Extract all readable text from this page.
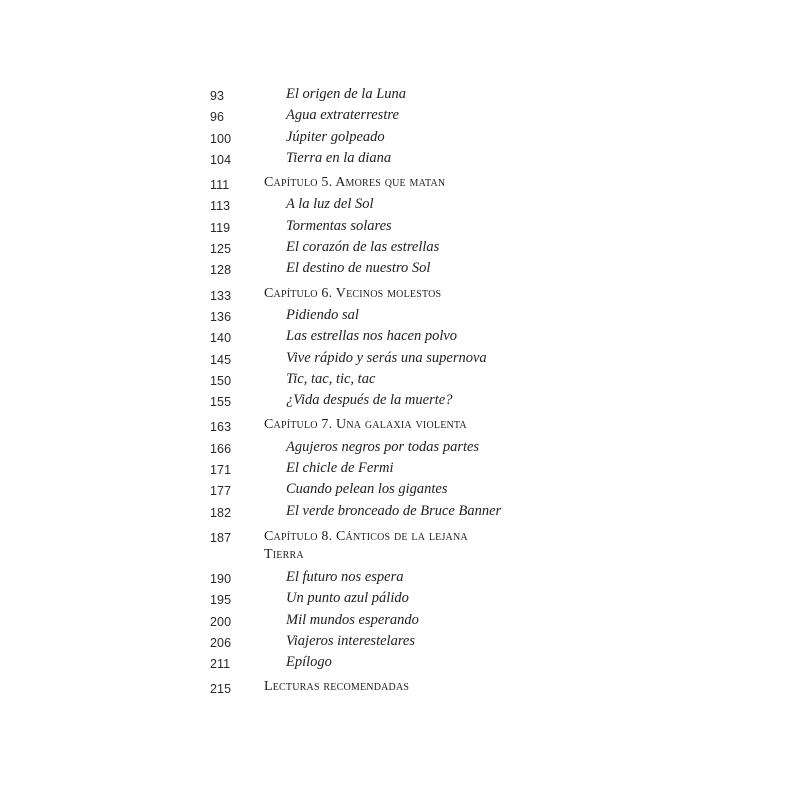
93	El origen de la Luna
96	Agua extraterrestre
100	Júpiter golpeado
104	Tierra en la diana
111 Capítulo 5. Amores que matan
113	A la luz del Sol
119	Tormentas solares
125	El corazón de las estrellas
128	El destino de nuestro Sol
133 Capítulo 6. Vecinos molestos
136	Pidiendo sal
140	Las estrellas nos hacen polvo
145	Vive rápido y serás una supernova
150	Tic, tac, tic, tac
155	¿Vida después de la muerte?
163 Capítulo 7. Una galaxia violenta
166	Agujeros negros por todas partes
171	El chicle de Fermi
177	Cuando pelean los gigantes
182	El verde bronceado de Bruce Banner
187 Capítulo 8. Cánticos de la lejana Tierra
190	El futuro nos espera
195	Un punto azul pálido
200	Mil mundos esperando
206	Viajeros interestelares
211	Epílogo
215 Lecturas recomendadas
